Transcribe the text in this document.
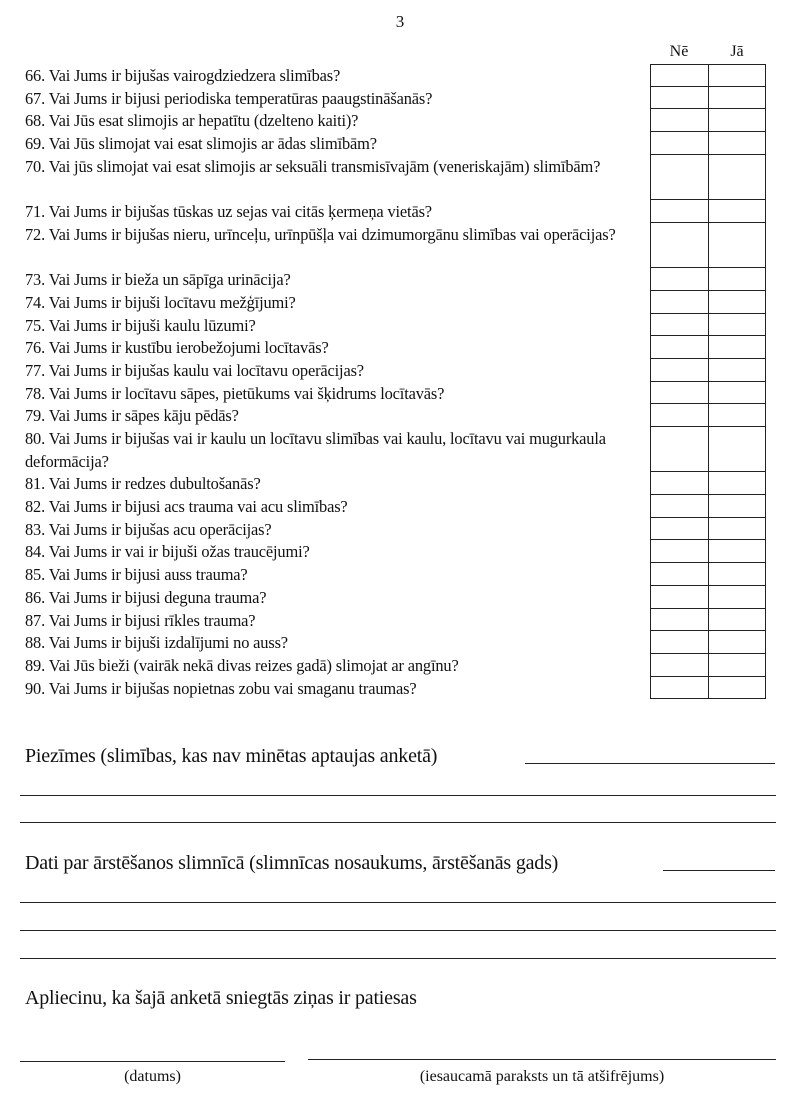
3
Nē	Jā
66. Vai Jums ir bijušas vairogdziedzera slimības?
67. Vai Jums ir bijusi periodiska temperatūras paaugstināšanās?
68. Vai Jūs esat slimojis ar hepatītu (dzelteno kaiti)?
69. Vai Jūs slimojat vai esat slimojis ar ādas slimībām?
70. Vai jūs slimojat vai esat slimojis ar seksuāli transmisīvajām (veneriskajām) slimībām?
71. Vai Jums ir bijušas tūskas uz sejas vai citās ķermeņa vietās?
72. Vai Jums ir bijušas nieru, urīnceļu, urīnpūšļa vai dzimumorgānu slimības vai operācijas?
73. Vai Jums ir bieža un sāpīga urinācija?
74. Vai Jums ir bijuši locītavu mežģījumi?
75. Vai Jums ir bijuši kaulu lūzumi?
76. Vai Jums ir kustību ierobežojumi locītavās?
77. Vai Jums ir bijušas kaulu vai locītavu operācijas?
78. Vai Jums ir locītavu sāpes, pietūkums vai šķidrums locītavās?
79. Vai Jums ir sāpes kāju pēdās?
80. Vai Jums ir bijušas vai ir kaulu un locītavu slimības vai kaulu, locītavu vai mugurkaula deformācija?
81. Vai Jums ir redzes dubultošanās?
82. Vai Jums ir bijusi acs trauma vai acu slimības?
83. Vai Jums ir bijušas acu operācijas?
84. Vai Jums ir vai ir bijuši ožas traucējumi?
85. Vai Jums ir bijusi auss trauma?
86. Vai Jums ir bijusi deguna trauma?
87. Vai Jums ir bijusi rīkles trauma?
88. Vai Jums ir bijuši izdalījumi no auss?
89. Vai Jūs bieži (vairāk nekā divas reizes gadā) slimojat ar angīnu?
90. Vai Jums ir bijušas nopietnas zobu vai smaganu traumas?
Piezīmes (slimības, kas nav minētas aptaujas anketā)
Dati par ārstēšanos slimnīcā (slimnīcas nosaukums, ārstēšanās gads)
Apliecinu, ka šajā anketā sniegtās ziņas ir patiesas
(datums)	(iesaucamā paraksts un tā atšifrējums)
